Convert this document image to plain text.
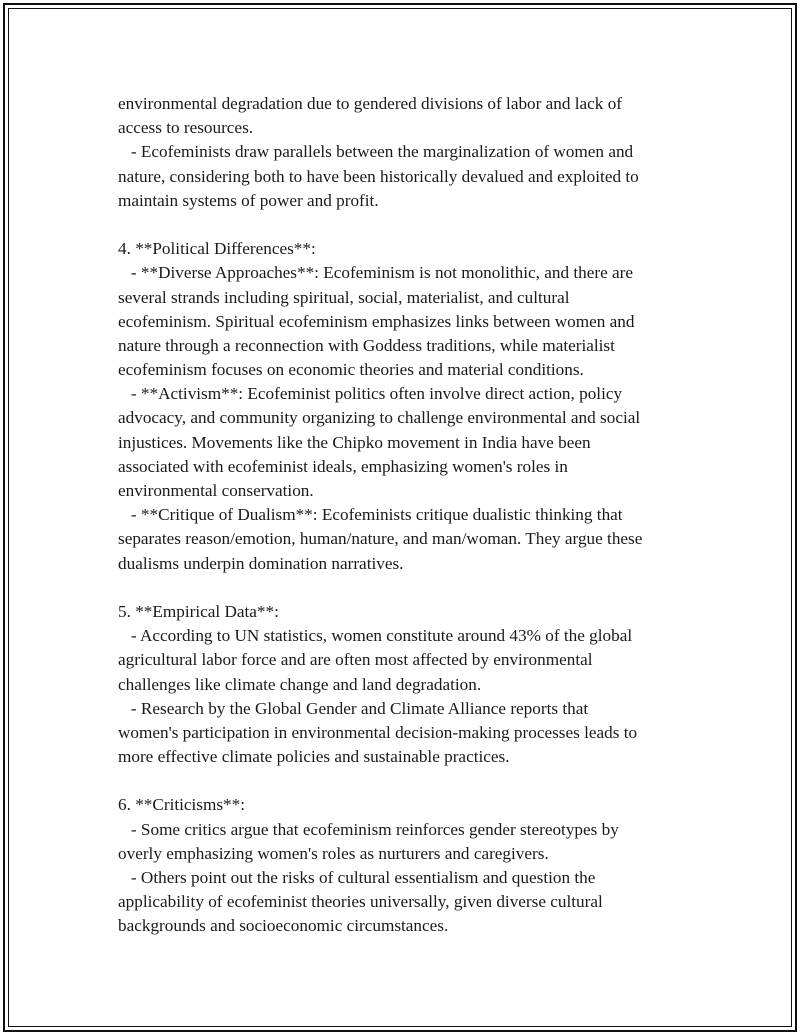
environmental degradation due to gendered divisions of labor and lack of
access to resources.
- Ecofeminists draw parallels between the marginalization of women and
nature, considering both to have been historically devalued and exploited to
maintain systems of power and profit.
4. **Political Differences**:
- **Diverse Approaches**: Ecofeminism is not monolithic, and there are
several strands including spiritual, social, materialist, and cultural
ecofeminism. Spiritual ecofeminism emphasizes links between women and
nature through a reconnection with Goddess traditions, while materialist
ecofeminism focuses on economic theories and material conditions.
- **Activism**: Ecofeminist politics often involve direct action, policy
advocacy, and community organizing to challenge environmental and social
injustices. Movements like the Chipko movement in India have been
associated with ecofeminist ideals, emphasizing women's roles in
environmental conservation.
- **Critique of Dualism**: Ecofeminists critique dualistic thinking that
separates reason/emotion, human/nature, and man/woman. They argue these
dualisms underpin domination narratives.
5. **Empirical Data**:
- According to UN statistics, women constitute around 43% of the global
agricultural labor force and are often most affected by environmental
challenges like climate change and land degradation.
- Research by the Global Gender and Climate Alliance reports that
women's participation in environmental decision-making processes leads to
more effective climate policies and sustainable practices.
6. **Criticisms**:
- Some critics argue that ecofeminism reinforces gender stereotypes by
overly emphasizing women's roles as nurturers and caregivers.
- Others point out the risks of cultural essentialism and question the
applicability of ecofeminist theories universally, given diverse cultural
backgrounds and socioeconomic circumstances.
